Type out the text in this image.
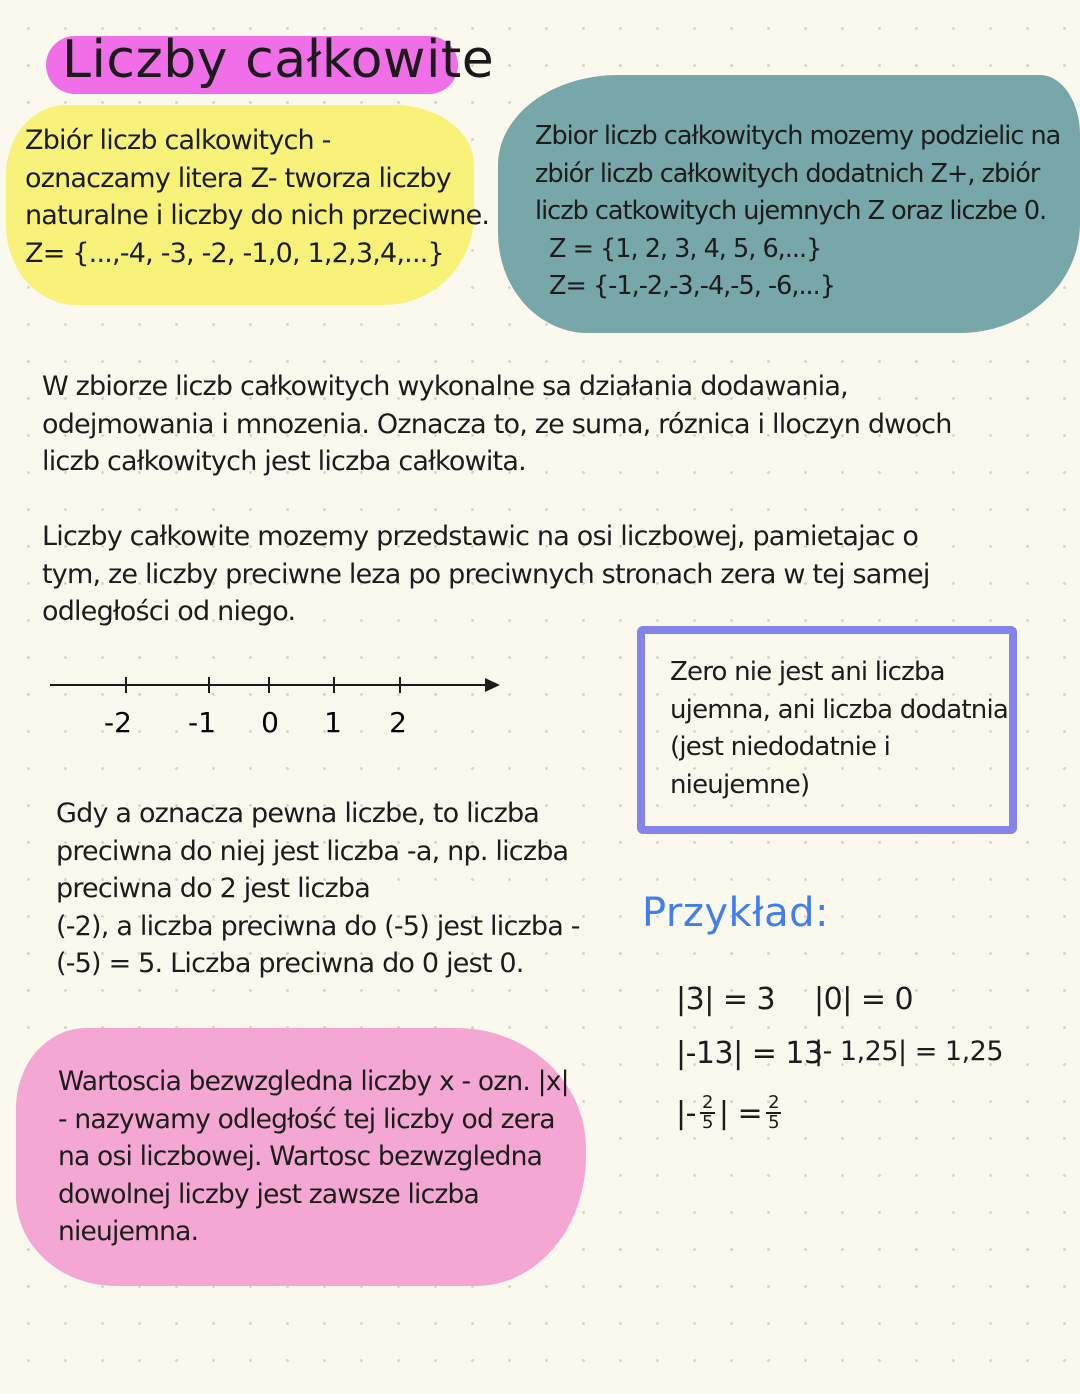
Liczby całkowite
Zbiór liczb calkowitych -
oznaczamy litera Z- tworza liczby
naturalne i liczby do nich przeciwne.
Z= {...,-4, -3, -2, -1,0, 1,2,3,4,...}
Zbior liczb całkowitych mozemy podzielic na
zbiór liczb całkowitych dodatnich Z+, zbiór
liczb catkowitych ujemnych Z oraz liczbe 0.
Z = {1, 2, 3, 4, 5, 6,...}
Z= {-1,-2,-3,-4,-5, -6,...}
W zbiorze liczb całkowitych wykonalne sa działania dodawania,
odejmowania i mnozenia. Oznacza to, ze suma, róznica i lloczyn dwoch
liczb całkowitych jest liczba całkowita.
Liczby całkowite mozemy przedstawic na osi liczbowej, pamietajac o
tym, ze liczby preciwne leza po preciwnych stronach zera w tej samej
odległości od niego.
-2 -1 0 1 2
Zero nie jest ani liczba
ujemna, ani liczba dodatnia
(jest niedodatnie i
nieujemne)
Gdy a oznacza pewna liczbe, to liczba
preciwna do niej jest liczba -a, np. liczba
preciwna do 2 jest liczba
(-2), a liczba preciwna do (-5) jest liczba -
(-5) = 5. Liczba preciwna do 0 jest 0.
Przykład:
|3| = 3 |0| = 0
|-13| = 13
|- 1,25| = 1,25
|- $\frac{2}{5}$ | = $\frac{2}{5}$
Wartoscia bezwzgledna liczby x - ozn. |x|
- nazywamy odległość tej liczby od zera
na osi liczbowej. Wartosc bezwzgledna
dowolnej liczby jest zawsze liczba
nieujemna.
